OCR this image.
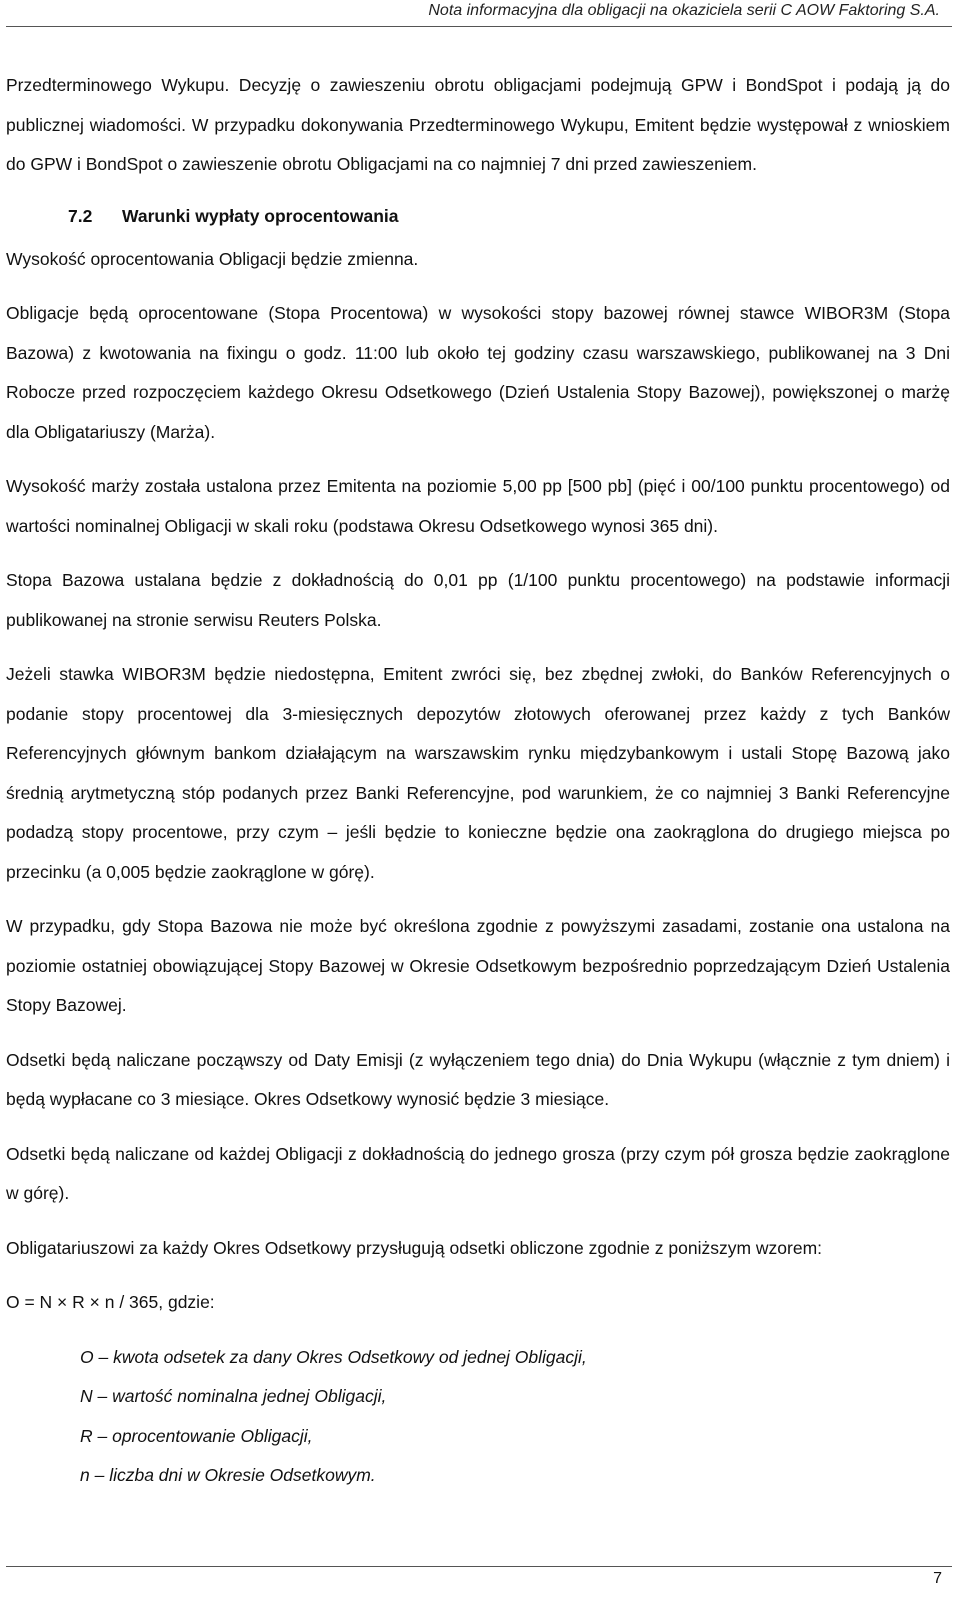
Nota informacyjna dla obligacji na okaziciela serii C AOW Faktoring S.A.

Przedterminowego Wykupu. Decyzję o zawieszeniu obrotu obligacjami podejmują GPW i BondSpot i podają ją do publicznej wiadomości. W przypadku dokonywania Przedterminowego Wykupu, Emitent będzie występował z wnioskiem do GPW i BondSpot o zawieszenie obrotu Obligacjami na co najmniej 7 dni przed zawieszeniem.

7.2 Warunki wypłaty oprocentowania

Wysokość oprocentowania Obligacji będzie zmienna.

Obligacje będą oprocentowane (Stopa Procentowa) w wysokości stopy bazowej równej stawce WIBOR3M (Stopa Bazowa) z kwotowania na fixingu o godz. 11:00 lub około tej godziny czasu warszawskiego, publikowanej na 3 Dni Robocze przed rozpoczęciem każdego Okresu Odsetkowego (Dzień Ustalenia Stopy Bazowej), powiększonej o marżę dla Obligatariuszy (Marża).

Wysokość marży została ustalona przez Emitenta na poziomie 5,00 pp [500 pb] (pięć i 00/100 punktu procentowego) od wartości nominalnej Obligacji w skali roku (podstawa Okresu Odsetkowego wynosi 365 dni).

Stopa Bazowa ustalana będzie z dokładnością do 0,01 pp (1/100 punktu procentowego) na podstawie informacji publikowanej na stronie serwisu Reuters Polska.

Jeżeli stawka WIBOR3M będzie niedostępna, Emitent zwróci się, bez zbędnej zwłoki, do Banków Referencyjnych o podanie stopy procentowej dla 3-miesięcznych depozytów złotowych oferowanej przez każdy z tych Banków Referencyjnych głównym bankom działającym na warszawskim rynku międzybankowym i ustali Stopę Bazową jako średnią arytmetyczną stóp podanych przez Banki Referencyjne, pod warunkiem, że co najmniej 3 Banki Referencyjne podadzą stopy procentowe, przy czym – jeśli będzie to konieczne będzie ona zaokrąglona do drugiego miejsca po przecinku (a 0,005 będzie zaokrąglone w górę).

W przypadku, gdy Stopa Bazowa nie może być określona zgodnie z powyższymi zasadami, zostanie ona ustalona na poziomie ostatniej obowiązującej Stopy Bazowej w Okresie Odsetkowym bezpośrednio poprzedzającym Dzień Ustalenia Stopy Bazowej.

Odsetki będą naliczane począwszy od Daty Emisji (z wyłączeniem tego dnia) do Dnia Wykupu (włącznie z tym dniem) i będą wypłacane co 3 miesiące. Okres Odsetkowy wynosić będzie 3 miesiące.

Odsetki będą naliczane od każdej Obligacji z dokładnością do jednego grosza (przy czym pół grosza będzie zaokrąglone w górę).

Obligatariuszowi za każdy Okres Odsetkowy przysługują odsetki obliczone zgodnie z poniższym wzorem:

O = N × R × n / 365, gdzie:

O – kwota odsetek za dany Okres Odsetkowy od jednej Obligacji,
N – wartość nominalna jednej Obligacji,
R – oprocentowanie Obligacji,
n – liczba dni w Okresie Odsetkowym.
7
